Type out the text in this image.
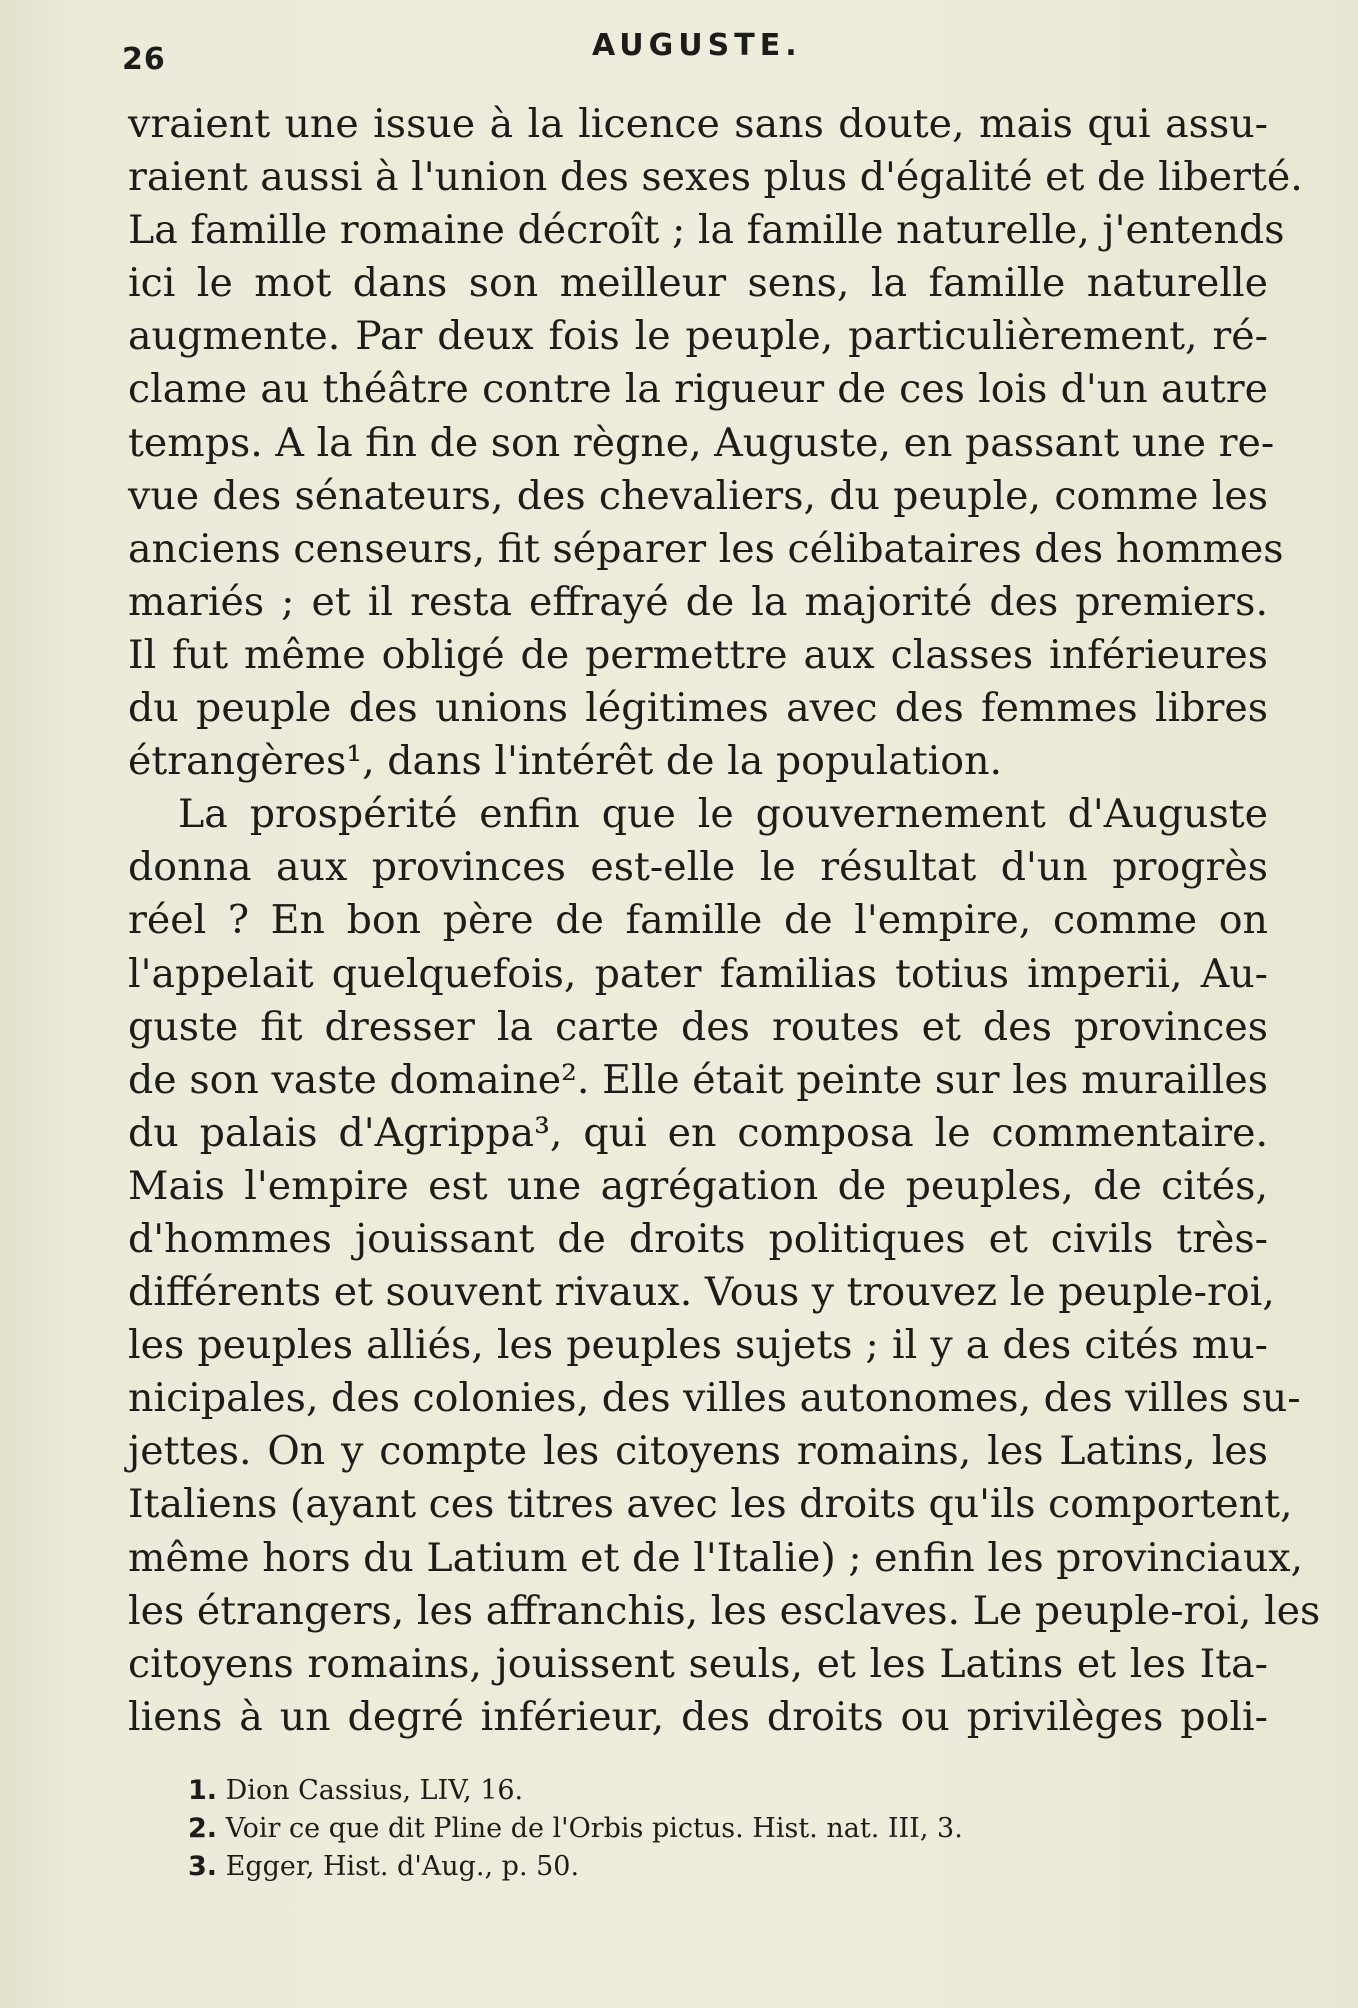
26	AUGUSTE.
vraient une issue à la licence sans doute, mais qui assu-
raient aussi à l'union des sexes plus d'égalité et de liberté.
La famille romaine décroît ; la famille naturelle, j'entends
ici le mot dans son meilleur sens, la famille naturelle
augmente. Par deux fois le peuple, particulièrement, ré-
clame au théâtre contre la rigueur de ces lois d'un autre
temps. A la fin de son règne, Auguste, en passant une re-
vue des sénateurs, des chevaliers, du peuple, comme les
anciens censeurs, fit séparer les célibataires des hommes
mariés ; et il resta effrayé de la majorité des premiers.
Il fut même obligé de permettre aux classes inférieures
du peuple des unions légitimes avec des femmes libres
étrangères¹, dans l'intérêt de la population.
La prospérité enfin que le gouvernement d'Auguste
donna aux provinces est-elle le résultat d'un progrès
réel ? En bon père de famille de l'empire, comme on
l'appelait quelquefois, pater familias totius imperii, Au-
guste fit dresser la carte des routes et des provinces
de son vaste domaine². Elle était peinte sur les murailles
du palais d'Agrippa³, qui en composa le commentaire.
Mais l'empire est une agrégation de peuples, de cités,
d'hommes jouissant de droits politiques et civils très-
différents et souvent rivaux. Vous y trouvez le peuple-roi,
les peuples alliés, les peuples sujets ; il y a des cités mu-
nicipales, des colonies, des villes autonomes, des villes su-
jettes. On y compte les citoyens romains, les Latins, les
Italiens (ayant ces titres avec les droits qu'ils comportent,
même hors du Latium et de l'Italie) ; enfin les provinciaux,
les étrangers, les affranchis, les esclaves. Le peuple-roi, les
citoyens romains, jouissent seuls, et les Latins et les Ita-
liens à un degré inférieur, des droits ou privilèges poli-
1. Dion Cassius, LIV, 16.
2. Voir ce que dit Pline de l'Orbis pictus. Hist. nat. III, 3.
3. Egger, Hist. d'Aug., p. 50.
